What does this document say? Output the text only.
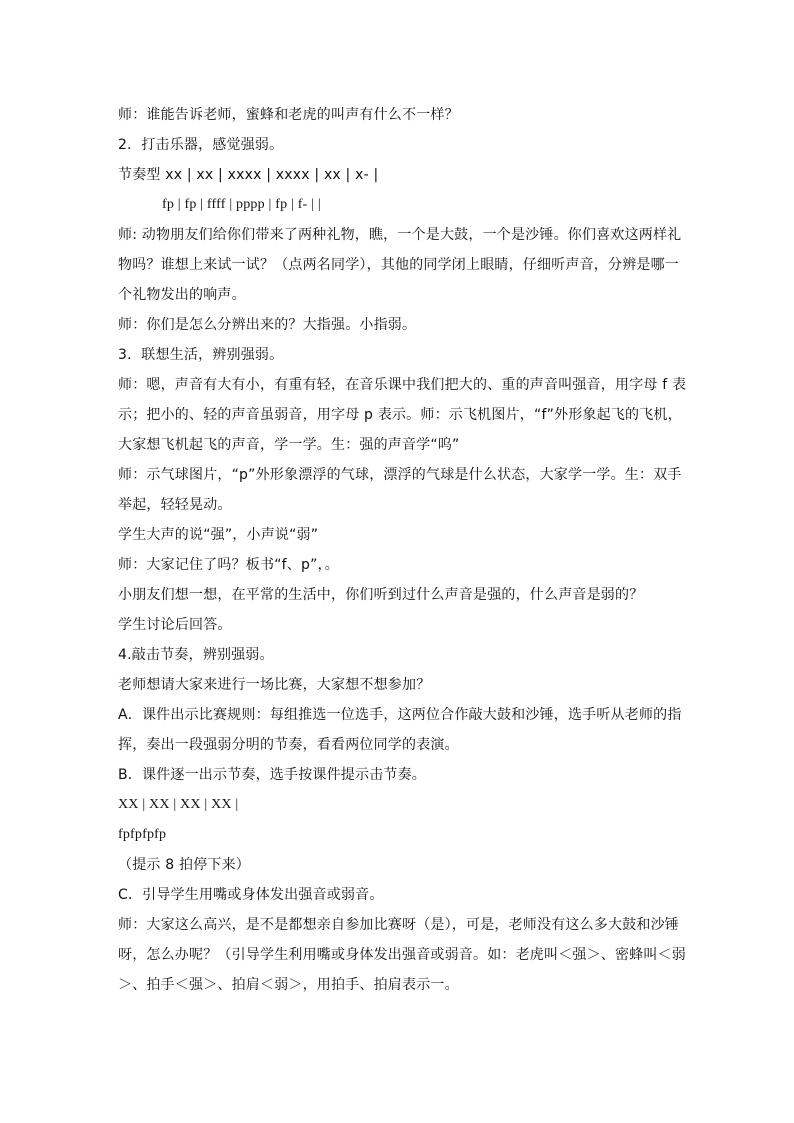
师：谁能告诉老师，蜜蜂和老虎的叫声有什么不一样？
2．打击乐器，感觉强弱。
节奏型 xx | xx | xxxx | xxxx | xx | x- |
fp | fp | ffff | pppp | fp | f- | |
师: 动物朋友们给你们带来了两种礼物，瞧，一个是大鼓，一个是沙锤。你们喜欢这两样礼
物吗？谁想上来试一试？（点两名同学），其他的同学闭上眼睛，仔细听声音，分辨是哪一
个礼物发出的响声。
师：你们是怎么分辨出来的？大指强。小指弱。
3．联想生活，辨别强弱。
师：嗯，声音有大有小，有重有轻，在音乐课中我们把大的、重的声音叫强音，用字母 f 表
示；把小的、轻的声音虽弱音，用字母 p 表示。师：示飞机图片，“f”外形象起飞的飞机，
大家想飞机起飞的声音，学一学。生：强的声音学“呜”
师：示气球图片，“p”外形象漂浮的气球，漂浮的气球是什么状态，大家学一学。生：双手
举起，轻轻晃动。
学生大声的说“强”，小声说“弱”
师：大家记住了吗？板书“f、p”，。
小朋友们想一想，在平常的生活中，你们听到过什么声音是强的，什么声音是弱的？
学生讨论后回答。
4.敲击节奏，辨别强弱。
老师想请大家来进行一场比赛，大家想不想参加？
A．课件出示比赛规则：每组推选一位选手，这两位合作敲大鼓和沙锤，选手听从老师的指
挥，奏出一段强弱分明的节奏，看看两位同学的表演。
B．课件逐一出示节奏，选手按课件提示击节奏。
XX | XX | XX | XX |
fpfpfpfp
（提示 8 拍停下来）
C．引导学生用嘴或身体发出强音或弱音。
师：大家这么高兴，是不是都想亲自参加比赛呀（是），可是，老师没有这么多大鼓和沙锤
呀，怎么办呢？（引导学生利用嘴或身体发出强音或弱音。如：老虎叫＜强＞、密蜂叫＜弱
＞、拍手＜强＞、拍肩＜弱＞，用拍手、拍肩表示一。
